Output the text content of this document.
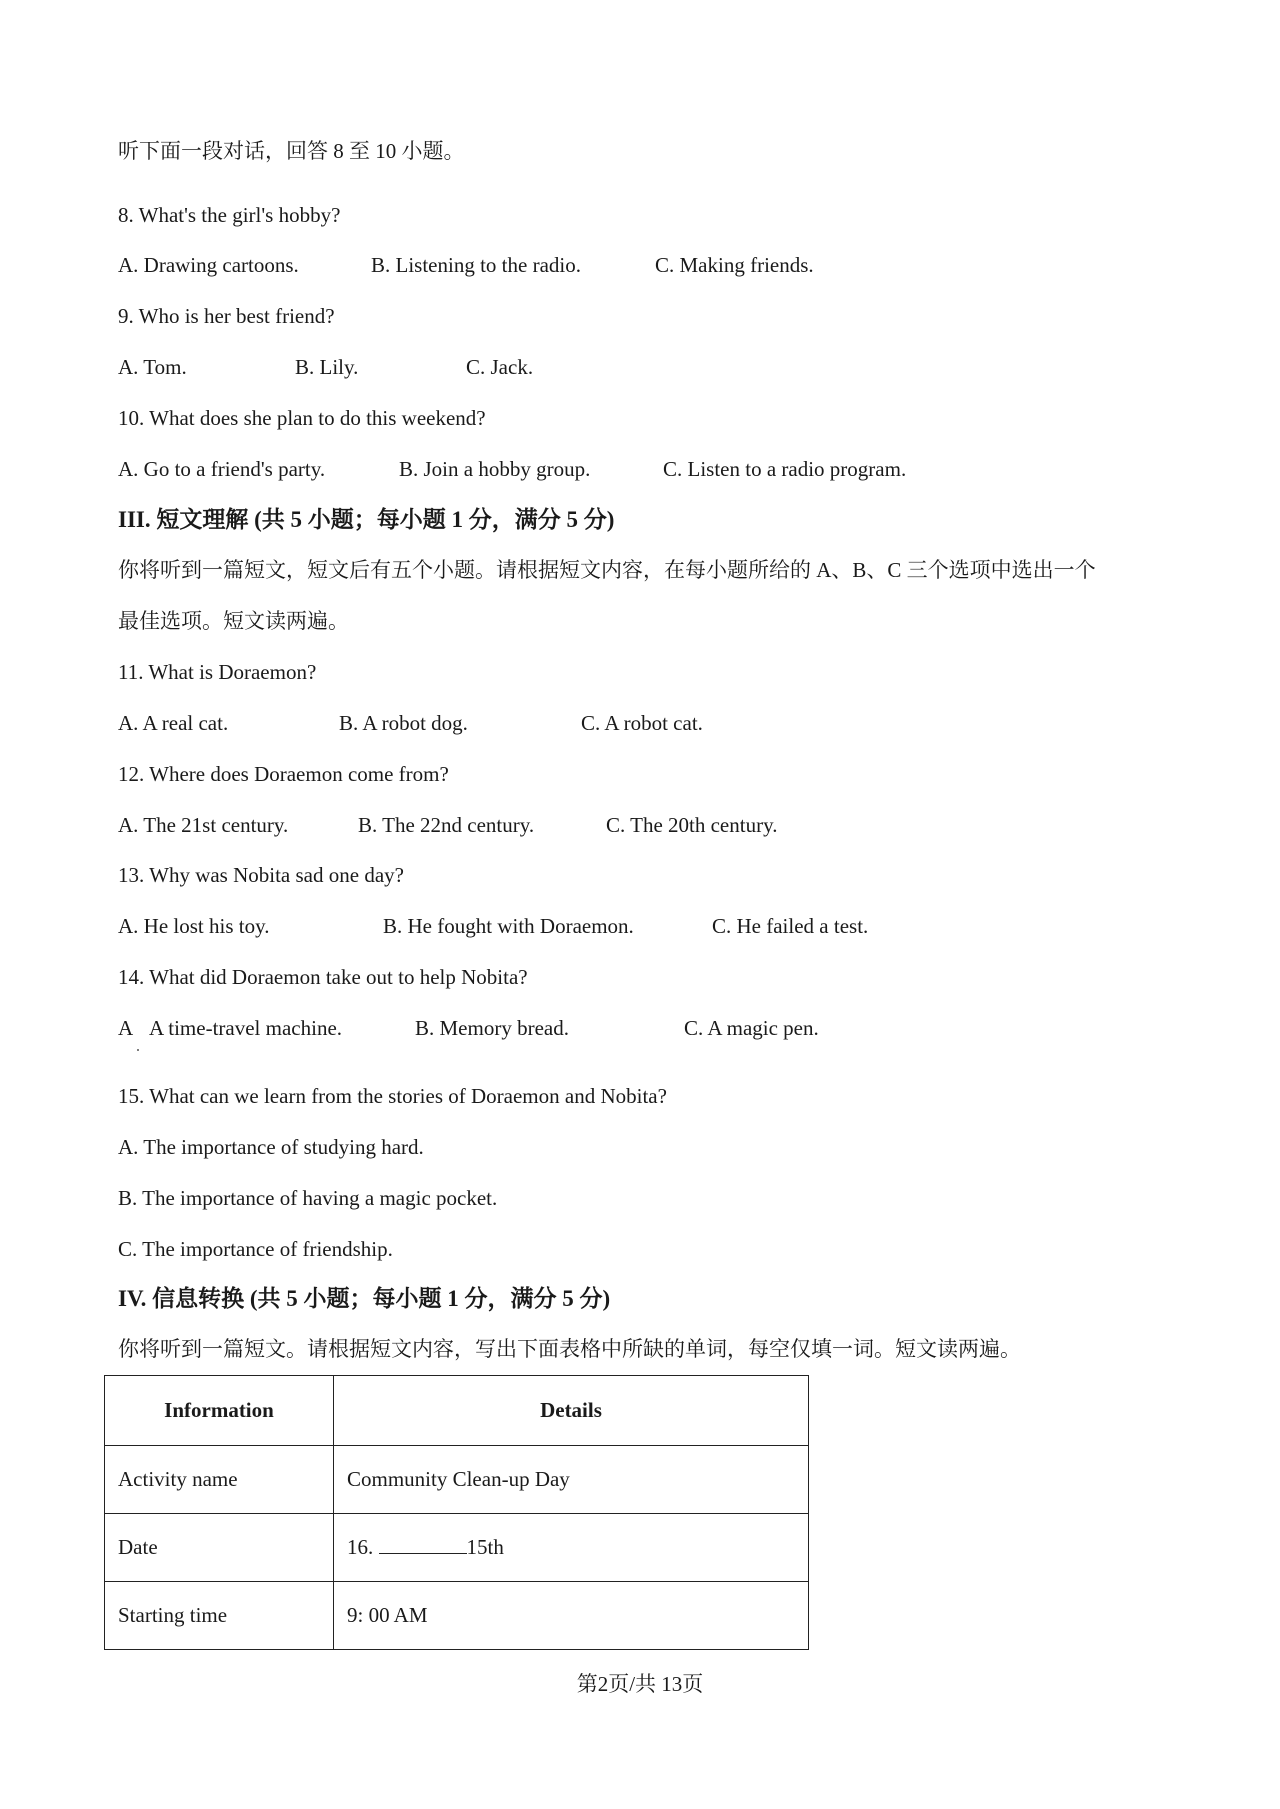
听下面一段对话，回答 8 至 10 小题。
8. What's the girl's hobby?
A. Drawing cartoons.	B. Listening to the radio.	C. Making friends.
9. Who is her best friend?
A. Tom.	B. Lily.	C. Jack.
10. What does she plan to do this weekend?
A. Go to a friend's party.	B. Join a hobby group.	C. Listen to a radio program.
III. 短文理解 (共 5 小题；每小题 1 分，满分 5 分)
你将听到一篇短文，短文后有五个小题。请根据短文内容，在每小题所给的 A、B、C 三个选项中选出一个
最佳选项。短文读两遍。
11. What is Doraemon?
A. A real cat.	B. A robot dog.	C. A robot cat.
12. Where does Doraemon come from?
A. The 21st century.	B. The 22nd century.	C. The 20th century.
13. Why was Nobita sad one day?
A. He lost his toy.	B. He fought with Doraemon.	C. He failed a test.
14. What did Doraemon take out to help Nobita?
A A time-travel machine.	B. Memory bread.	C. A magic pen.
15. What can we learn from the stories of Doraemon and Nobita?
A. The importance of studying hard.
B. The importance of having a magic pocket.
C. The importance of friendship.
IV. 信息转换 (共 5 小题；每小题 1 分，满分 5 分)
你将听到一篇短文。请根据短文内容，写出下面表格中所缺的单词，每空仅填一词。短文读两遍。
Information	Details
Activity name	Community Clean-up Day
Date	16. 15th
Starting time	9: 00 AM
第2页/共 13页
